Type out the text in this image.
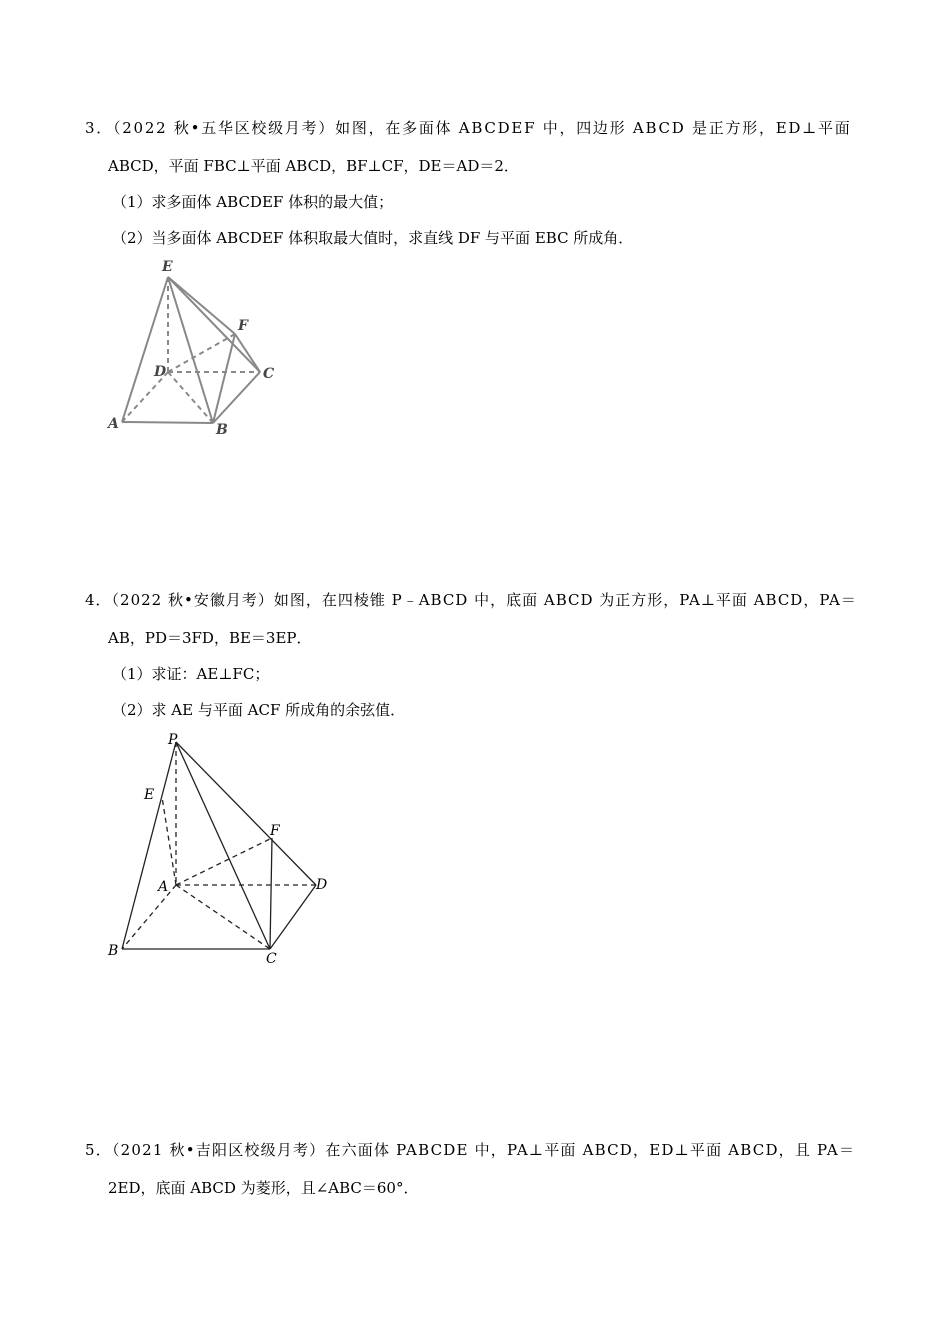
3．（2022 秋•五华区校级月考）如图，在多面体 ABCDEF 中，四边形 ABCD 是正方形，ED⊥平面
ABCD，平面 FBC⊥平面 ABCD，BF⊥CF，DE＝AD＝2．
（1）求多面体 ABCDEF 体积的最大值；
（2）当多面体 ABCDEF 体积取最大值时，求直线 DF 与平面 EBC 所成角．
E
F
D	C
A	B
4．（2022 秋•安徽月考）如图，在四棱锥 P﹣ABCD 中，底面 ABCD 为正方形，PA⊥平面 ABCD，PA＝
AB，PD＝3FD，BE＝3EP．
（1）求证：AE⊥FC；
（2）求 AE 与平面 ACF 所成角的余弦值．
P
E
F
A	D
B	C
5．（2021 秋•吉阳区校级月考）在六面体 PABCDE 中，PA⊥平面 ABCD，ED⊥平面 ABCD，且 PA＝
2ED，底面 ABCD 为菱形，且∠ABC＝60°．
